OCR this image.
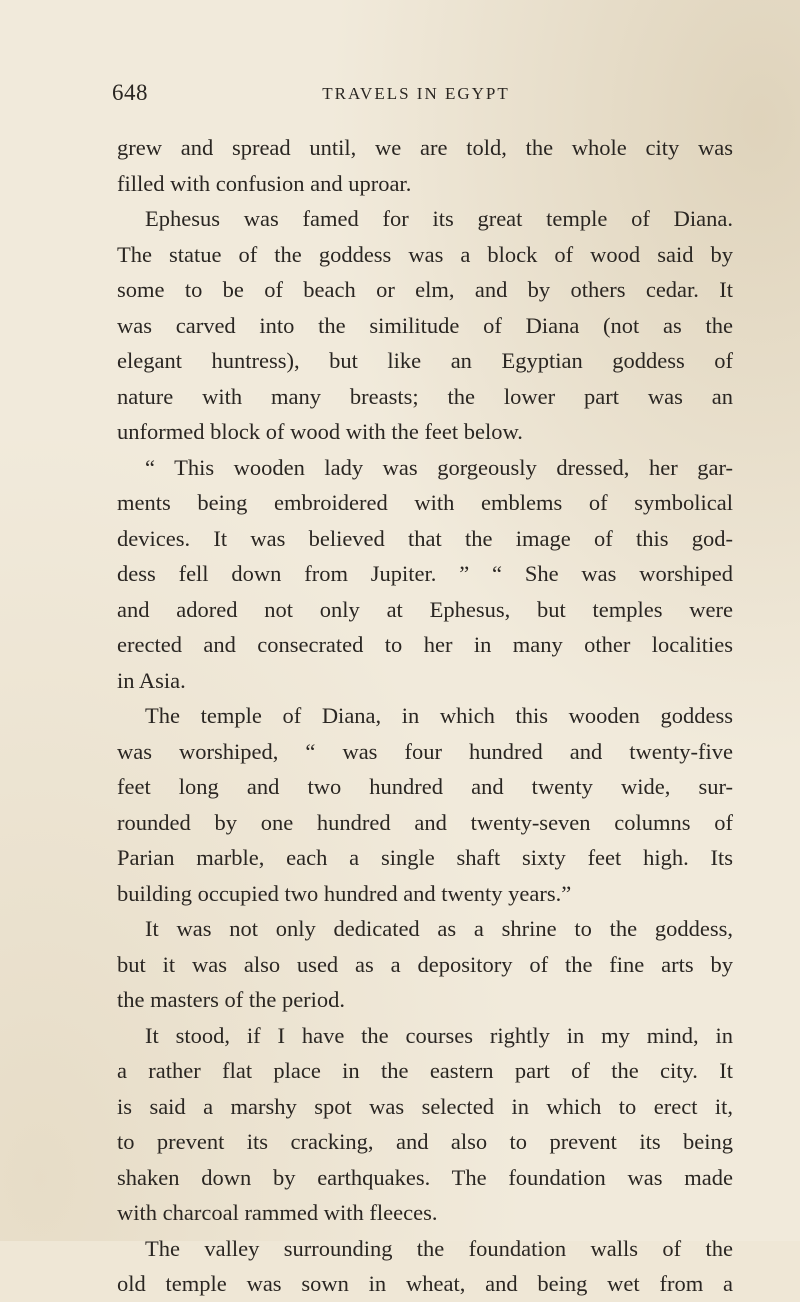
648	TRAVELS IN EGYPT
grew and spread until, we are told, the whole city was
filled with confusion and uproar.
Ephesus was famed for its great temple of Diana.
The statue of the goddess was a block of wood said by
some to be of beach or elm, and by others cedar. It
was carved into the similitude of Diana (not as the
elegant huntress), but like an Egyptian goddess of
nature with many breasts; the lower part was an
unformed block of wood with the feet below.
“ This wooden lady was gorgeously dressed, her gar-
ments being embroidered with emblems of symbolical
devices. It was believed that the image of this god-
dess fell down from Jupiter. ” “ She was worshiped
and adored not only at Ephesus, but temples were
erected and consecrated to her in many other localities
in Asia.
The temple of Diana, in which this wooden goddess
was worshiped, “ was four hundred and twenty-five
feet long and two hundred and twenty wide, sur-
rounded by one hundred and twenty-seven columns of
Parian marble, each a single shaft sixty feet high. Its
building occupied two hundred and twenty years.”
It was not only dedicated as a shrine to the goddess,
but it was also used as a depository of the fine arts by
the masters of the period.
It stood, if I have the courses rightly in my mind, in
a rather flat place in the eastern part of the city. It
is said a marshy spot was selected in which to erect it,
to prevent its cracking, and also to prevent its being
shaken down by earthquakes. The foundation was made
with charcoal rammed with fleeces.
The valley surrounding the foundation walls of the
old temple was sown in wheat, and being wet from a
